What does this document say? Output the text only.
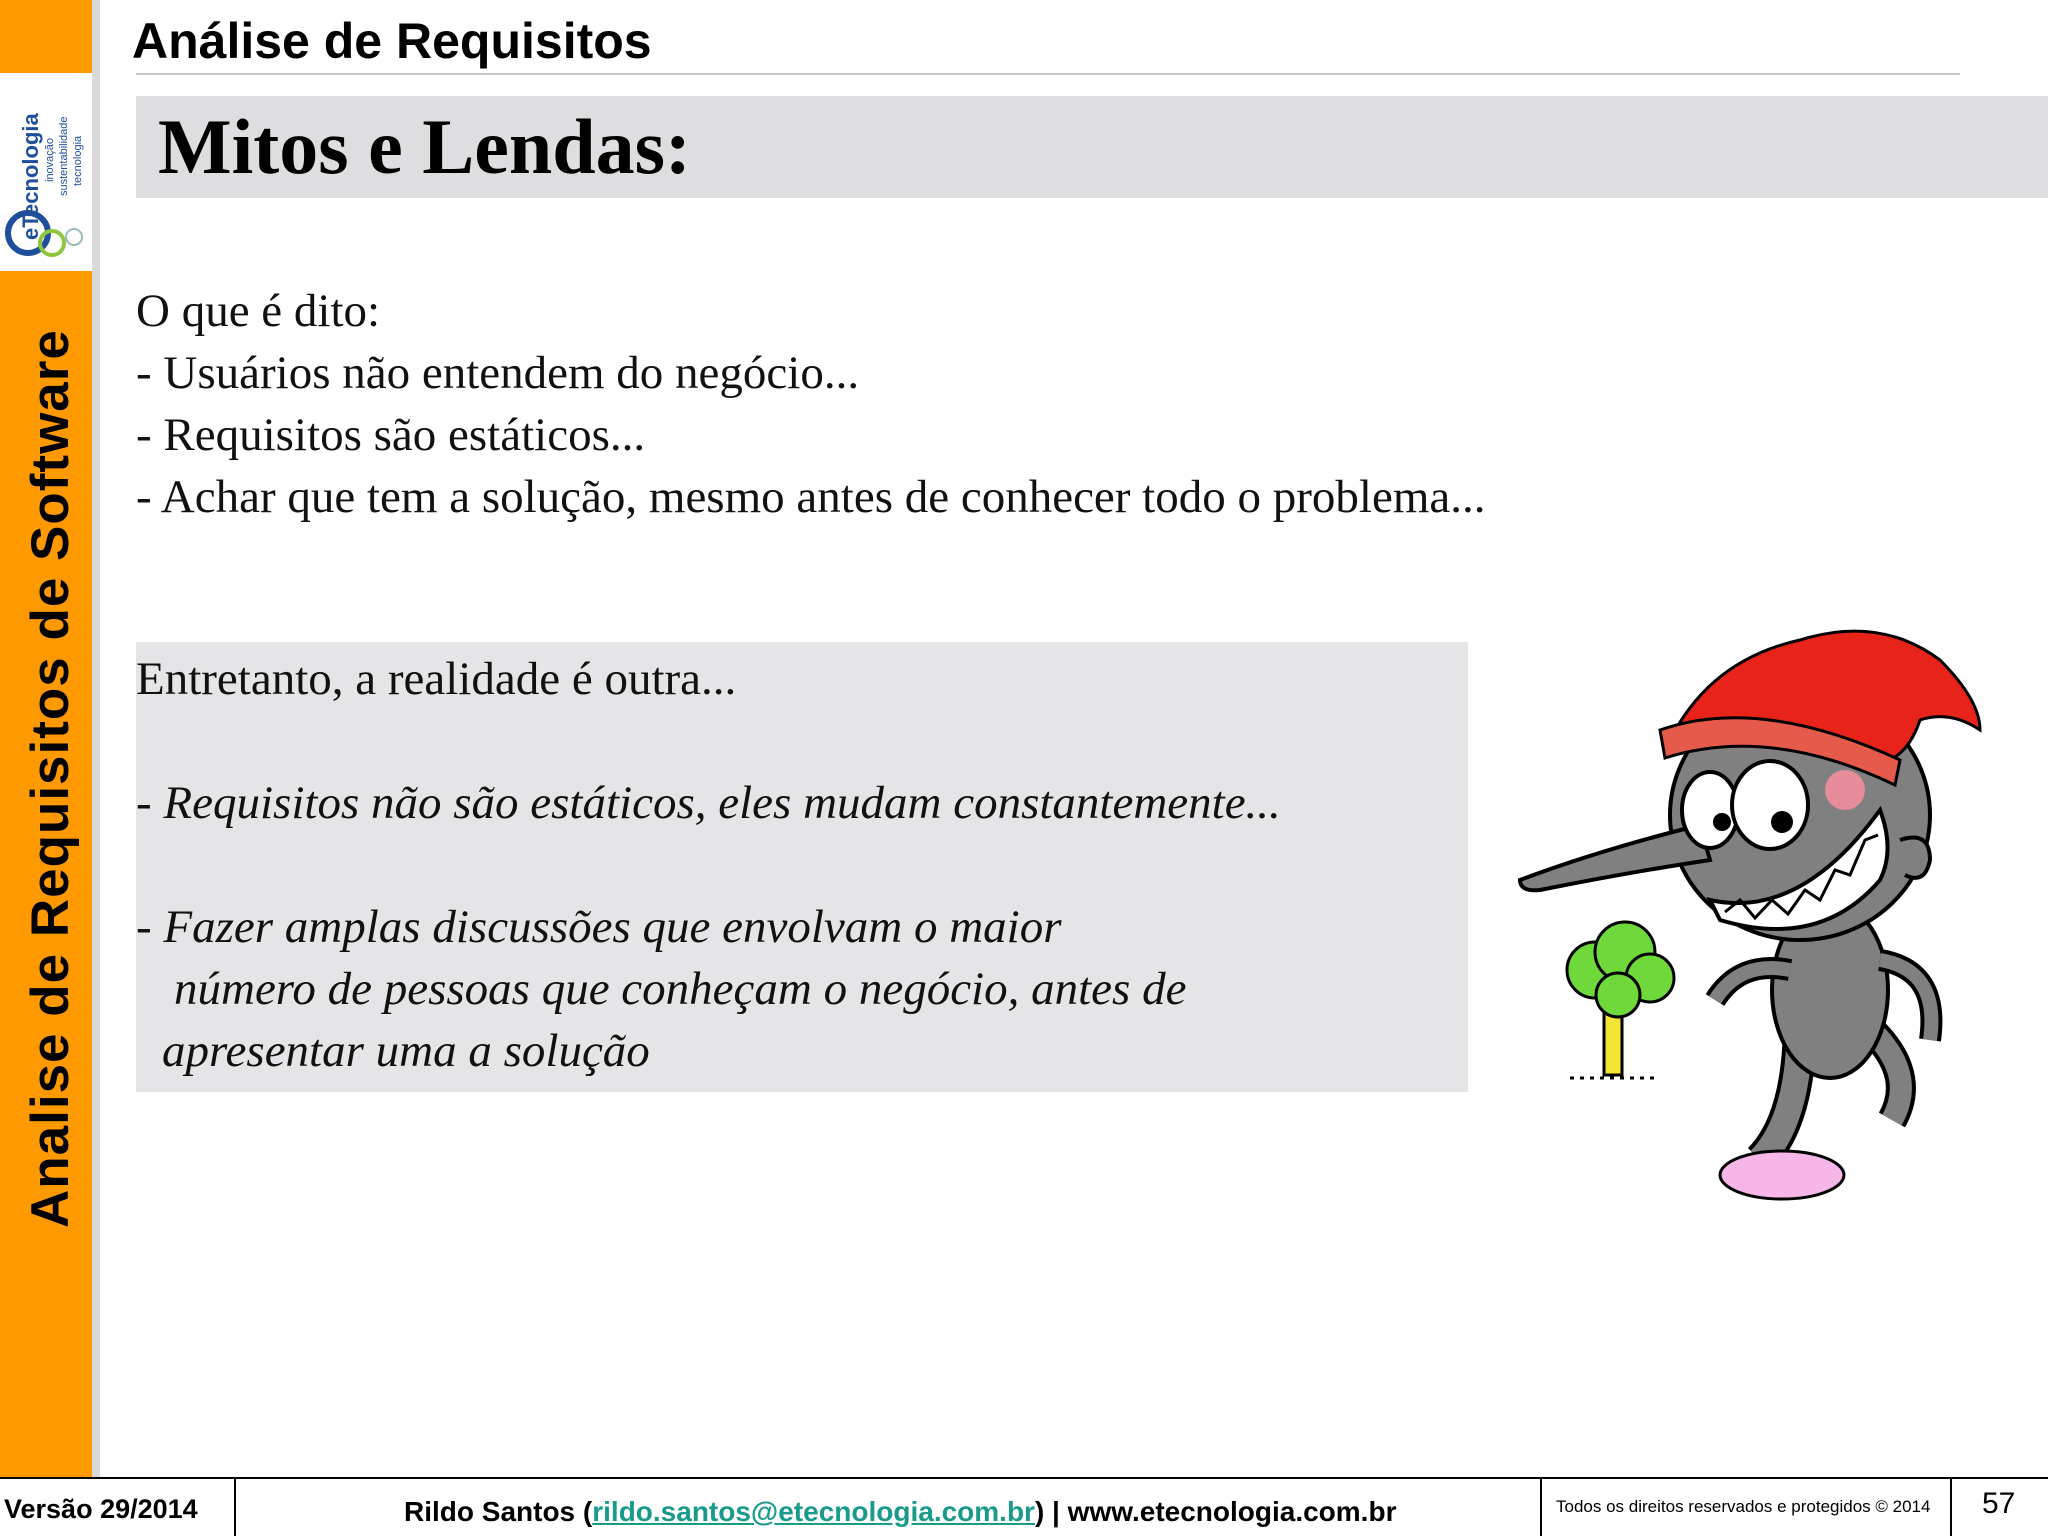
eTecnologia inovação sustentabilidade tecnologia
Analise de Requisitos de Software
Análise de Requisitos
Mitos e Lendas:
O que é dito:
- Usuários não entendem do negócio...
- Requisitos são estáticos...
- Achar que tem a solução, mesmo antes de conhecer todo o problema...
Entretanto, a realidade é outra...

- Requisitos não são estáticos, eles mudam constantemente...

- Fazer amplas discussões que envolvam o maior
número de pessoas que conheçam o negócio, antes de
apresentar uma a solução
Versão 29/2014	Rildo Santos (rildo.santos@etecnologia.com.br) | www.etecnologia.com.br	Todos os direitos reservados e protegidos © 2014 57
